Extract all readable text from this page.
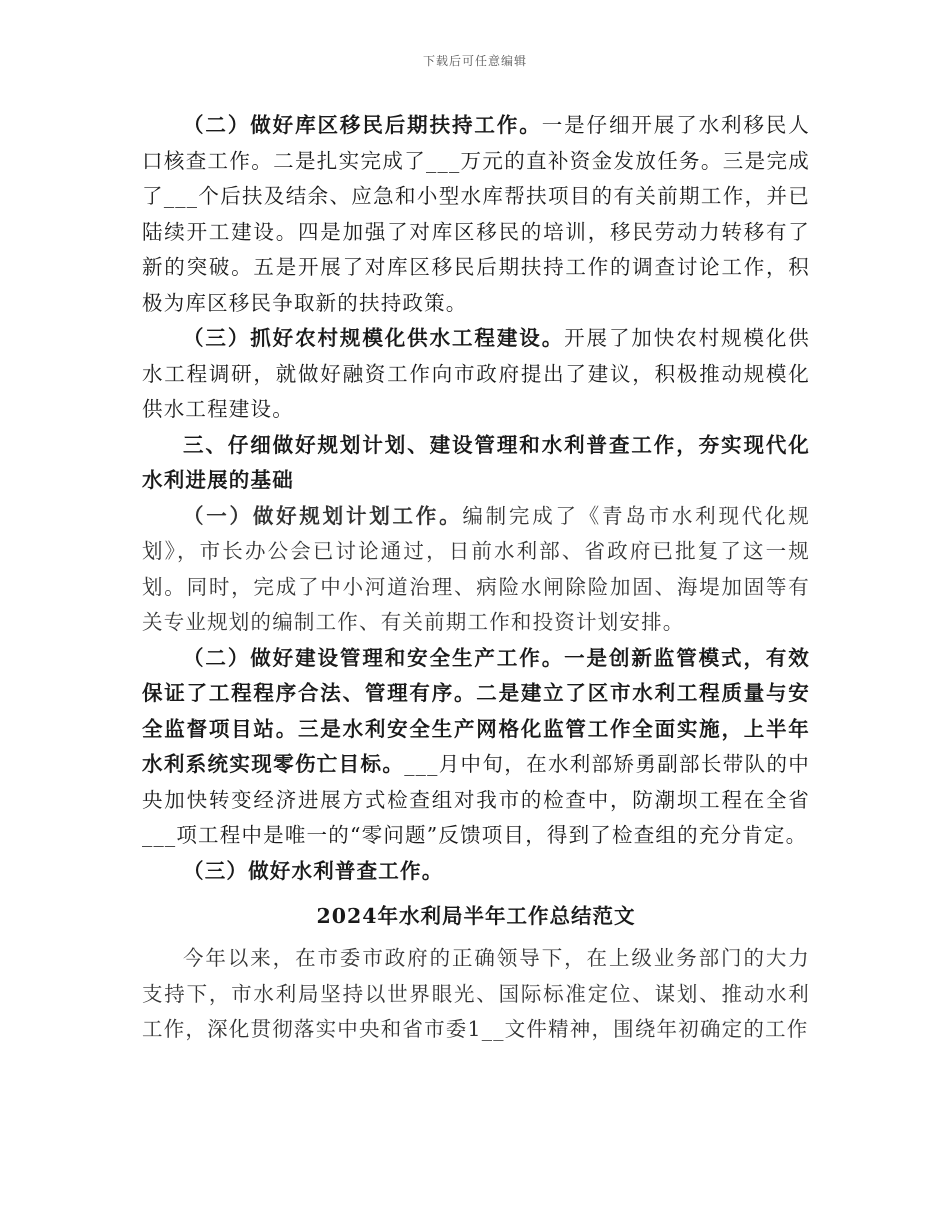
下载后可任意编辑

（二）做好库区移民后期扶持工作。一是仔细开展了水利移民人口核查工作。二是扎实完成了___万元的直补资金发放任务。三是完成了___个后扶及结余、应急和小型水库帮扶项目的有关前期工作，并已陆续开工建设。四是加强了对库区移民的培训，移民劳动力转移有了新的突破。五是开展了对库区移民后期扶持工作的调查讨论工作，积极为库区移民争取新的扶持政策。

（三）抓好农村规模化供水工程建设。开展了加快农村规模化供水工程调研，就做好融资工作向市政府提出了建议，积极推动规模化供水工程建设。

三、仔细做好规划计划、建设管理和水利普查工作，夯实现代化水利进展的基础

（一）做好规划计划工作。编制完成了《青岛市水利现代化规划》，市长办公会已讨论通过，日前水利部、省政府已批复了这一规划。同时，完成了中小河道治理、病险水闸除险加固、海堤加固等有关专业规划的编制工作、有关前期工作和投资计划安排。

（二）做好建设管理和安全生产工作。一是创新监管模式，有效保证了工程程序合法、管理有序。二是建立了区市水利工程质量与安全监督项目站。三是水利安全生产网格化监管工作全面实施，上半年水利系统实现零伤亡目标。___月中旬，在水利部矫勇副部长带队的中央加快转变经济进展方式检查组对我市的检查中，防潮坝工程在全省___项工程中是唯一的“零问题”反馈项目，得到了检查组的充分肯定。

（三）做好水利普查工作。

2024年水利局半年工作总结范文

今年以来，在市委市政府的正确领导下，在上级业务部门的大力支持下，市水利局坚持以世界眼光、国际标准定位、谋划、推动水利工作，深化贯彻落实中央和省市委1__文件精神，围绕年初确定的工作
